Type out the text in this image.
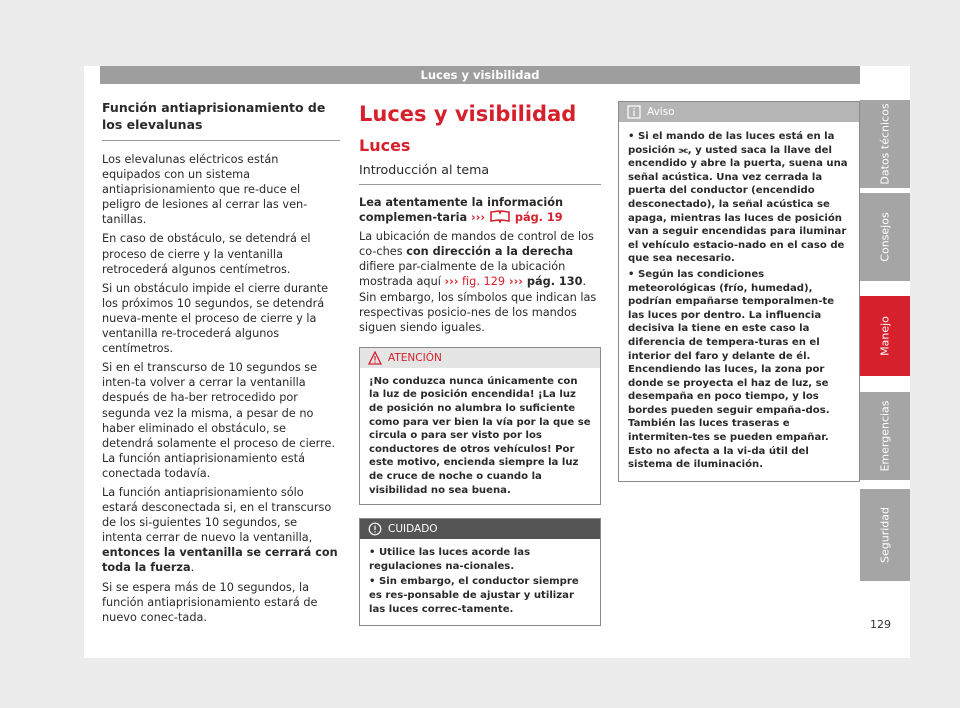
Luces y visibilidad
Función antiaprisionamiento de los elevalunas

Los elevalunas eléctricos están equipados con un sistema antiaprisionamiento que re-duce el peligro de lesiones al cerrar las ven-tanillas.

En caso de obstáculo, se detendrá el proceso de cierre y la ventanilla retrocederá algunos centímetros.

Si un obstáculo impide el cierre durante los próximos 10 segundos, se detendrá nueva-mente el proceso de cierre y la ventanilla re-trocederá algunos centímetros.

Si en el transcurso de 10 segundos se inten-ta volver a cerrar la ventanilla después de ha-ber retrocedido por segunda vez la misma, a pesar de no haber eliminado el obstáculo, se detendrá solamente el proceso de cierre. La función antiaprisionamiento está conectada todavía.

La función antiaprisionamiento sólo estará desconectada si, en el transcurso de los si-guientes 10 segundos, se intenta cerrar de nuevo la ventanilla, entonces la ventanilla se cerrará con toda la fuerza.

Si se espera más de 10 segundos, la función antiaprisionamiento estará de nuevo conec-tada.

Luces y visibilidad
Luces
Introducción al tema

Lea atentamente la información complemen-taria ›››	pág. 19

La ubicación de mandos de control de los co-ches con dirección a la derecha difiere par-cialmente de la ubicación mostrada aquí ››› fig. 129 ››› pág. 130. Sin embargo, los símbolos que indican las respectivas posicio-nes de los mandos siguen siendo iguales.

ATENCIÓN
¡No conduzca nunca únicamente con la luz de posición encendida! ¡La luz de posición no alumbra lo suficiente como para ver bien la vía por la que se circula o para ser visto por los conductores de otros vehículos! Por este motivo, encienda siempre la luz de cruce de noche o cuando la visibilidad no sea buena.
CUIDADO
• Utilice las luces acorde las regulaciones na-cionales.
• Sin embargo, el conductor siempre es res-ponsable de ajustar y utilizar las luces correc-tamente.
Aviso
• Si el mando de las luces está en la posición ⫘, y usted saca la llave del encendido y abre la puerta, suena una señal acústica. Una vez cerrada la puerta del conductor (encendido desconectado), la señal acústica se apaga, mientras las luces de posición van a seguir encendidas para iluminar el vehículo estacio-nado en el caso de que sea necesario.
• Según las condiciones meteorológicas (frío, humedad), podrían empañarse temporalmen-te las luces por dentro. La influencia decisiva la tiene en este caso la diferencia de tempera-turas en el interior del faro y delante de él. Encendiendo las luces, la zona por donde se proyecta el haz de luz, se desempaña en poco tiempo, y los bordes pueden seguir empaña-dos. También las luces traseras e intermiten-tes se pueden empañar. Esto no afecta a la vi-da útil del sistema de iluminación.
Datos técnicos
Consejos
Manejo
Emergencias
Seguridad
129
